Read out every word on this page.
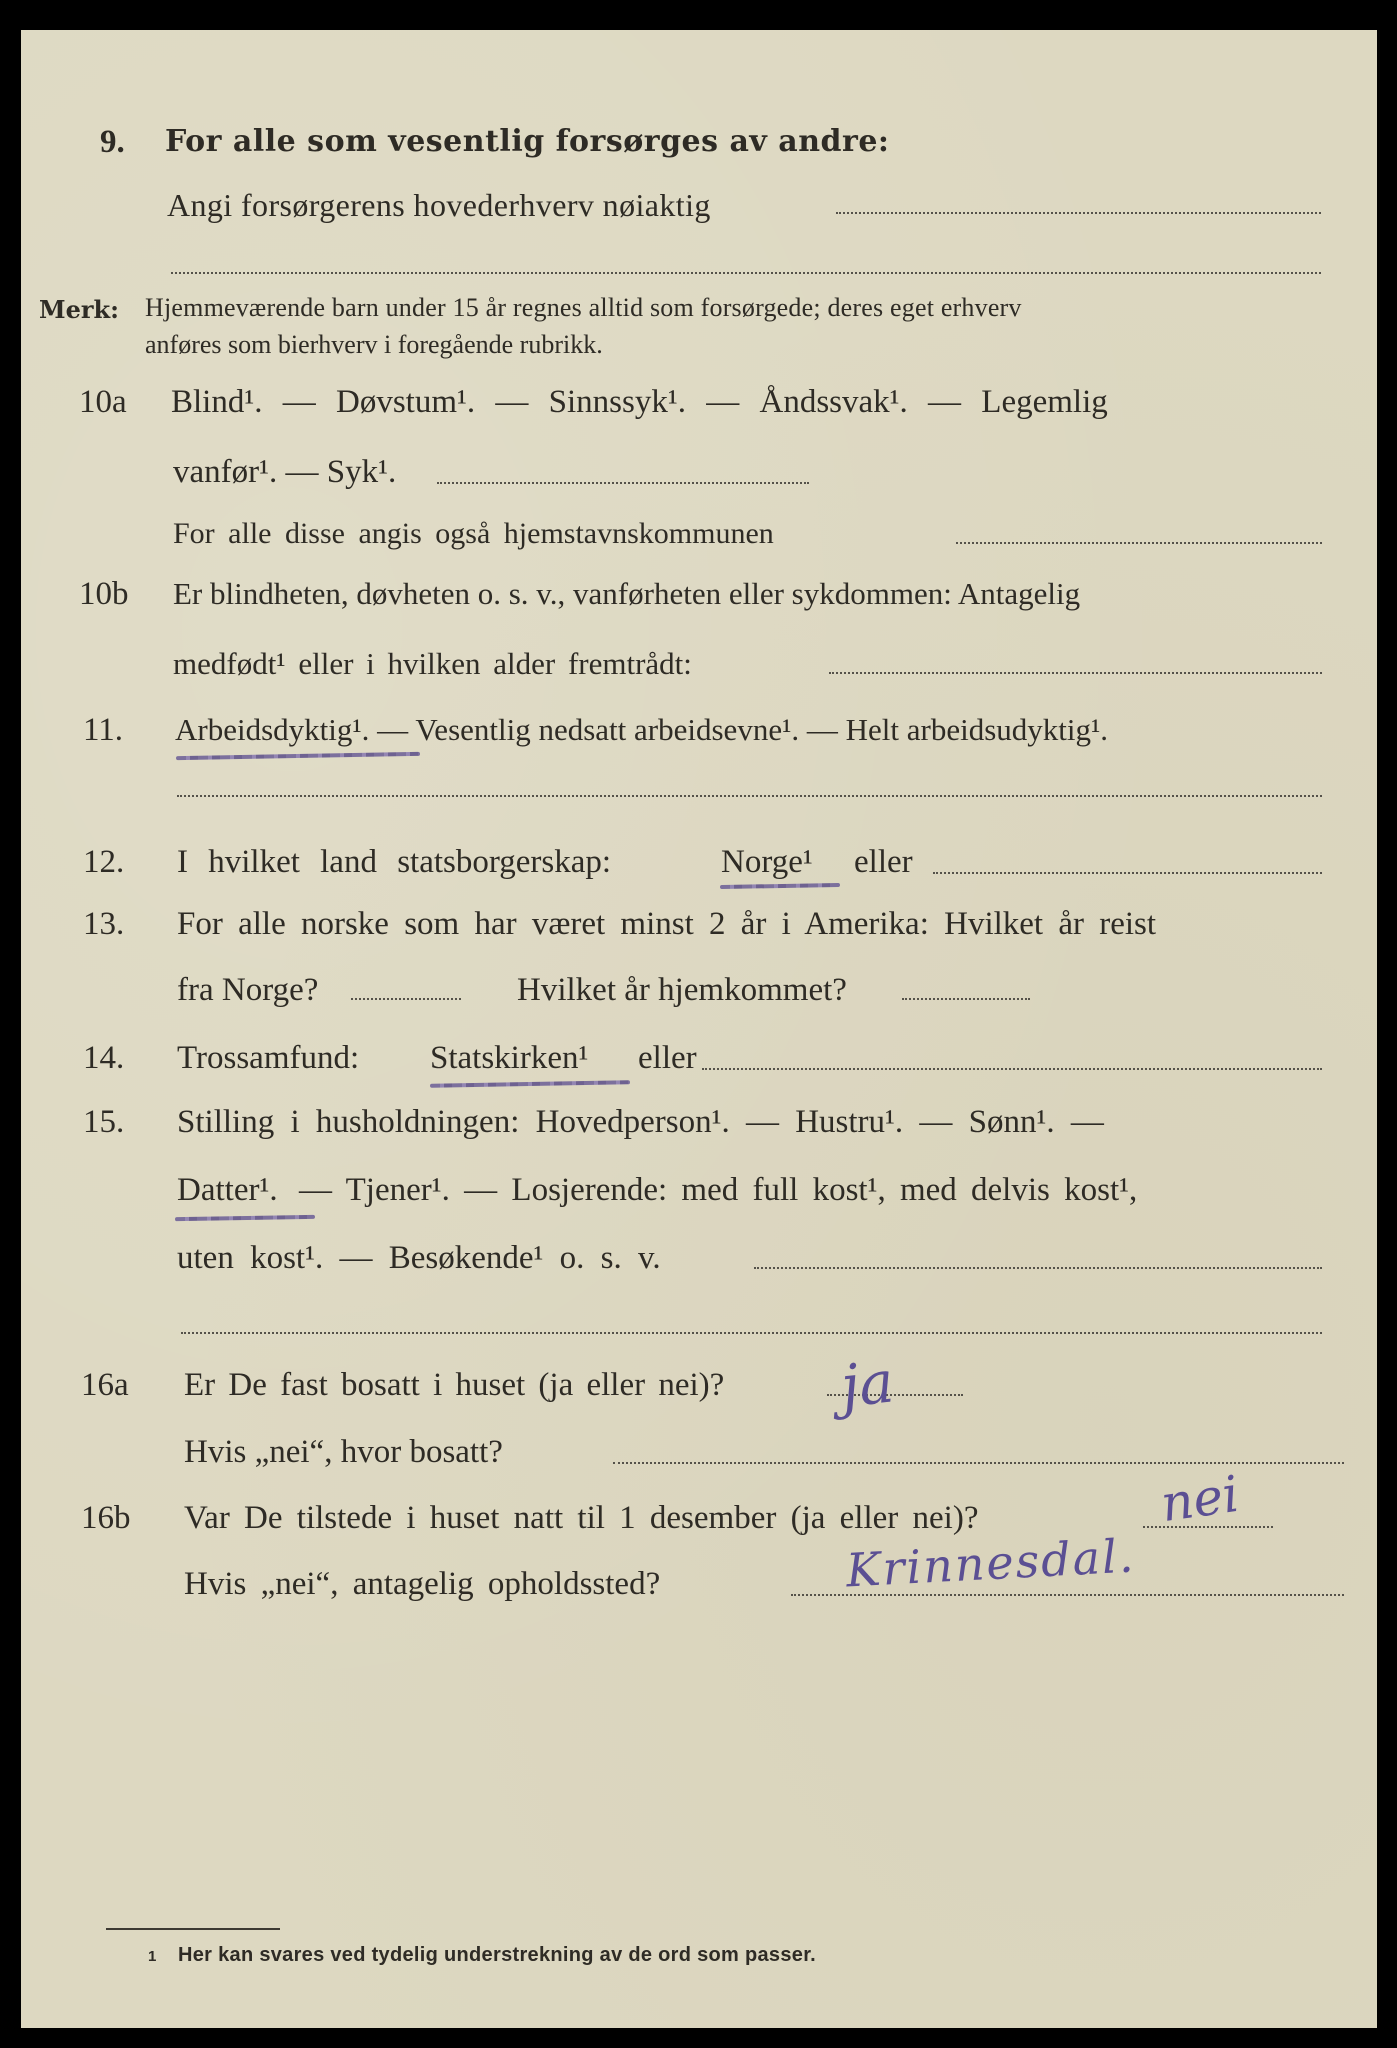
9. For alle som vesentlig forsørges av andre:
Angi forsørgerens hovederhverv nøiaktig
Merk: Hjemmeværende barn under 15 år regnes alltid som forsørgede; deres eget erhverv
anføres som bierhverv i foregående rubrikk.
10a Blind¹. — Døvstum¹. — Sinnssyk¹. — Åndssvak¹. — Legemlig
vanfør¹. — Syk¹.
For alle disse angis også hjemstavnskommunen
10b Er blindheten, døvheten o. s. v., vanførheten eller sykdommen: Antagelig
medfødt¹ eller i hvilken alder fremtrådt:
11. Arbeidsdyktig¹. — Vesentlig nedsatt arbeidsevne¹. — Helt arbeidsudyktig¹.
12. I hvilket land statsborgerskap:	Norge¹ eller
13. For alle norske som har været minst 2 år i Amerika: Hvilket år reist
fra Norge?	Hvilket år hjemkommet?
14. Trossamfund: Statskirken¹ eller
15. Stilling i husholdningen: Hovedperson¹. — Hustru¹. — Sønn¹. —
Datter¹. — Tjener¹. — Losjerende: med full kost¹, med delvis kost¹,
uten kost¹. — Besøkende¹ o. s. v.
16a Er De fast bosatt i huset (ja eller nei)? ja
Hvis „nei“, hvor bosatt?
16b Var De tilstede i huset natt til 1 desember (ja eller nei)?	nei
Hvis „nei“, antagelig opholdssted?	Krinnesdal.
1 Her kan svares ved tydelig understrekning av de ord som passer.
